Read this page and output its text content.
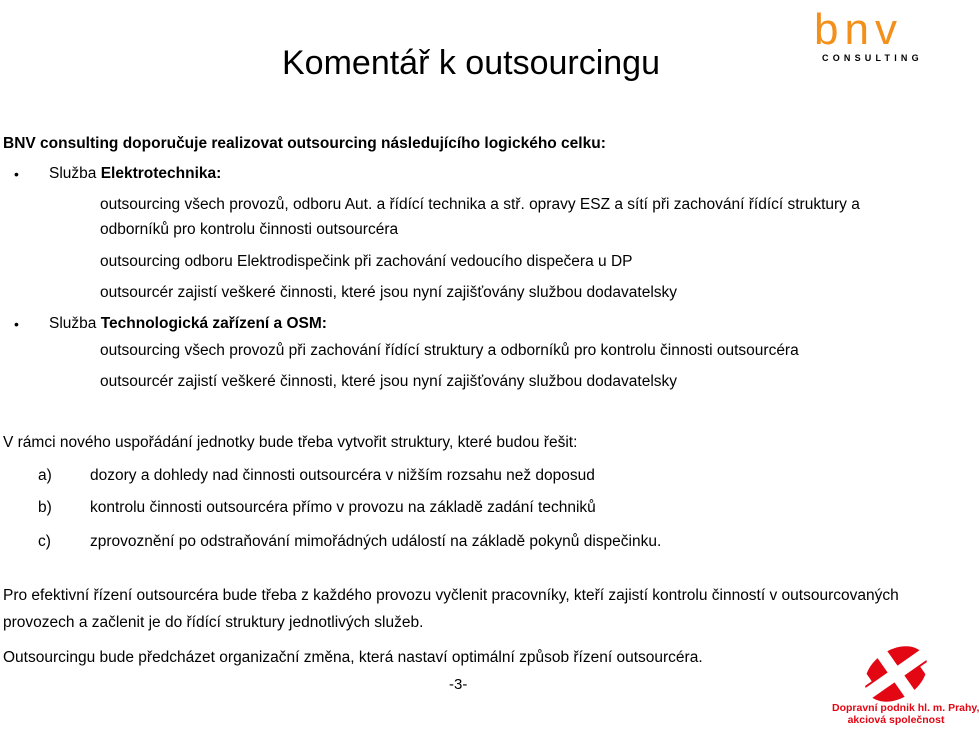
Komentář k outsourcingu
bnv
CONSULTING
BNV consulting doporučuje realizovat outsourcing následujícího logického celku:
• Služba Elektrotechnika:
outsourcing všech provozů, odboru Aut. a řídící technika a stř. opravy ESZ a sítí při zachování řídící struktury a
odborníků pro kontrolu činnosti outsourcéra
outsourcing odboru Elektrodispečink při zachování vedoucího dispečera u DP
outsourcér zajistí veškeré činnosti, které jsou nyní zajišťovány službou dodavatelsky
• Služba Technologická zařízení a OSM:
outsourcing všech provozů při zachování řídící struktury a odborníků pro kontrolu činnosti outsourcéra
outsourcér zajistí veškeré činnosti, které jsou nyní zajišťovány službou dodavatelsky
V rámci nového uspořádání jednotky bude třeba vytvořit struktury, které budou řešit:
a) dozory a dohledy nad činnosti outsourcéra v nižším rozsahu než doposud
b) kontrolu činnosti outsourcéra přímo v provozu na základě zadání techniků
c)	zprovoznění po odstraňování mimořádných událostí na základě pokynů dispečinku.
Pro efektivní řízení outsourcéra bude třeba z každého provozu vyčlenit pracovníky, kteří zajistí kontrolu činností v outsourcovaných
provozech a začlenit je do řídící struktury jednotlivých služeb.
Outsourcingu bude předcházet organizační změna, která nastaví optimální způsob řízení outsourcéra.
-3-
Dopravní podnik hl. m. Prahy,
akciová společnost
